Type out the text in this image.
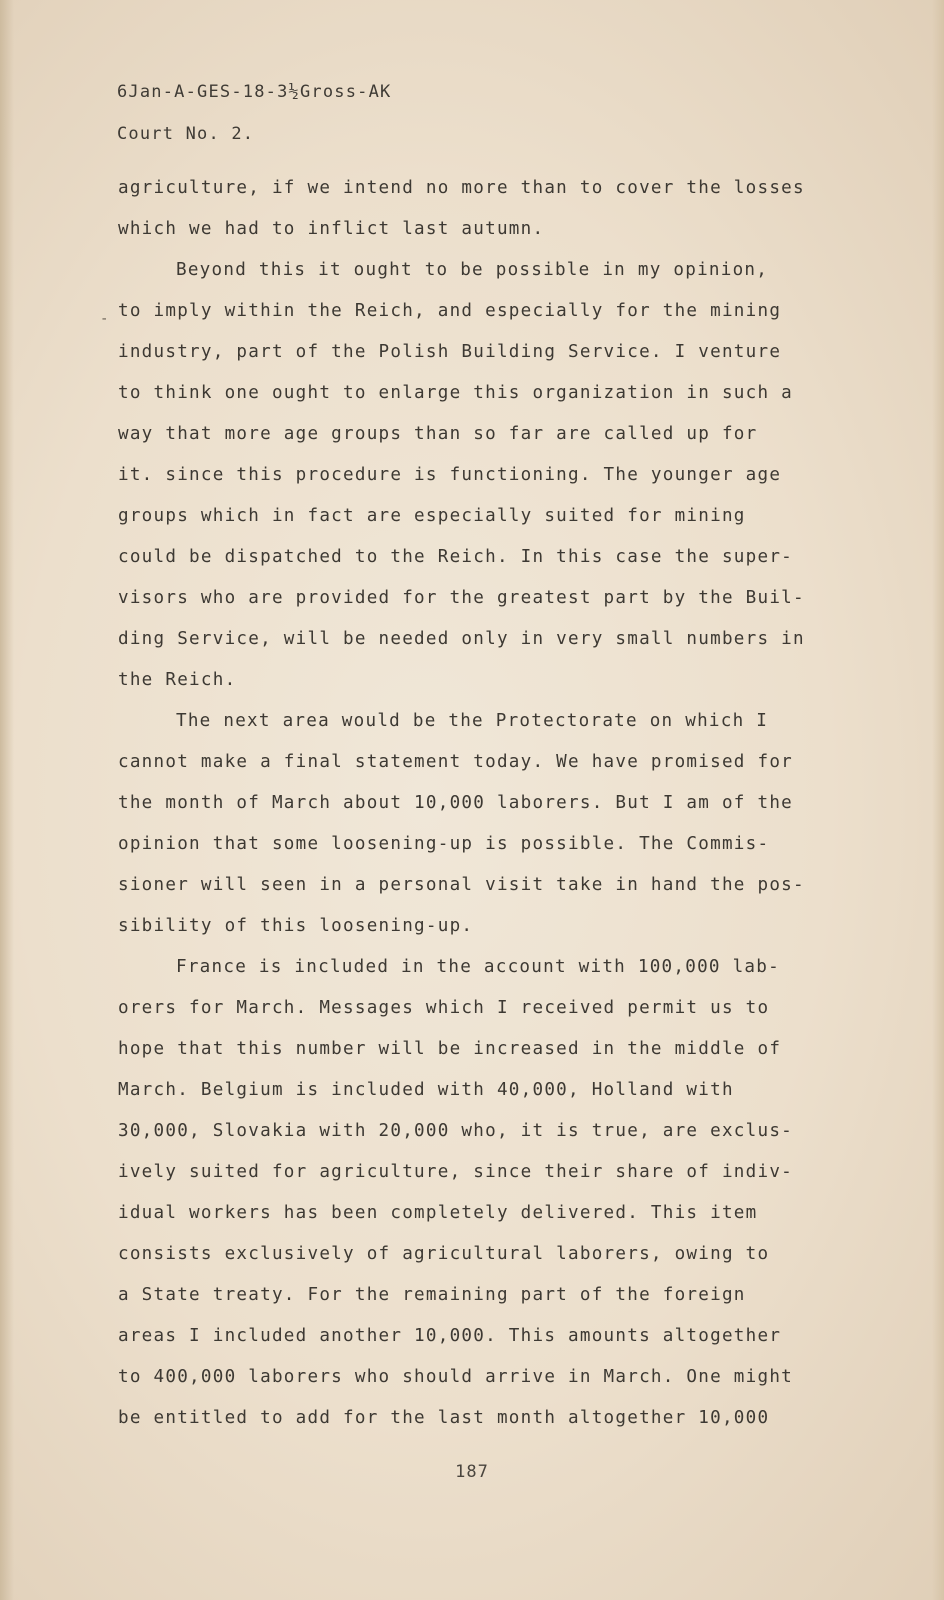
6Jan-A-GES-18-3½Gross-AK
Court No. 2.
agriculture, if we intend no more than to cover the losses
which we had to inflict last autumn.
Beyond this it ought to be possible in my opinion,
to imply within the Reich, and especially for the mining
industry, part of the Polish Building Service. I venture
to think one ought to enlarge this organization in such a
way that more age groups than so far are called up for
it. since this procedure is functioning. The younger age
groups which in fact are especially suited for mining
could be dispatched to the Reich. In this case the super-
visors who are provided for the greatest part by the Buil-
ding Service, will be needed only in very small numbers in
the Reich.
The next area would be the Protectorate on which I
cannot make a final statement today. We have promised for
the month of March about 10,000 laborers. But I am of the
opinion that some loosening-up is possible. The Commis-
sioner will seen in a personal visit take in hand the pos-
sibility of this loosening-up.
France is included in the account with 100,000 lab-
orers for March. Messages which I received permit us to
hope that this number will be increased in the middle of
March. Belgium is included with 40,000, Holland with
30,000, Slovakia with 20,000 who, it is true, are exclus-
ively suited for agriculture, since their share of indiv-
idual workers has been completely delivered. This item
consists exclusively of agricultural laborers, owing to
a State treaty. For the remaining part of the foreign
areas I included another 10,000. This amounts altogether
to 400,000 laborers who should arrive in March. One might
be entitled to add for the last month altogether 10,000
-
187
